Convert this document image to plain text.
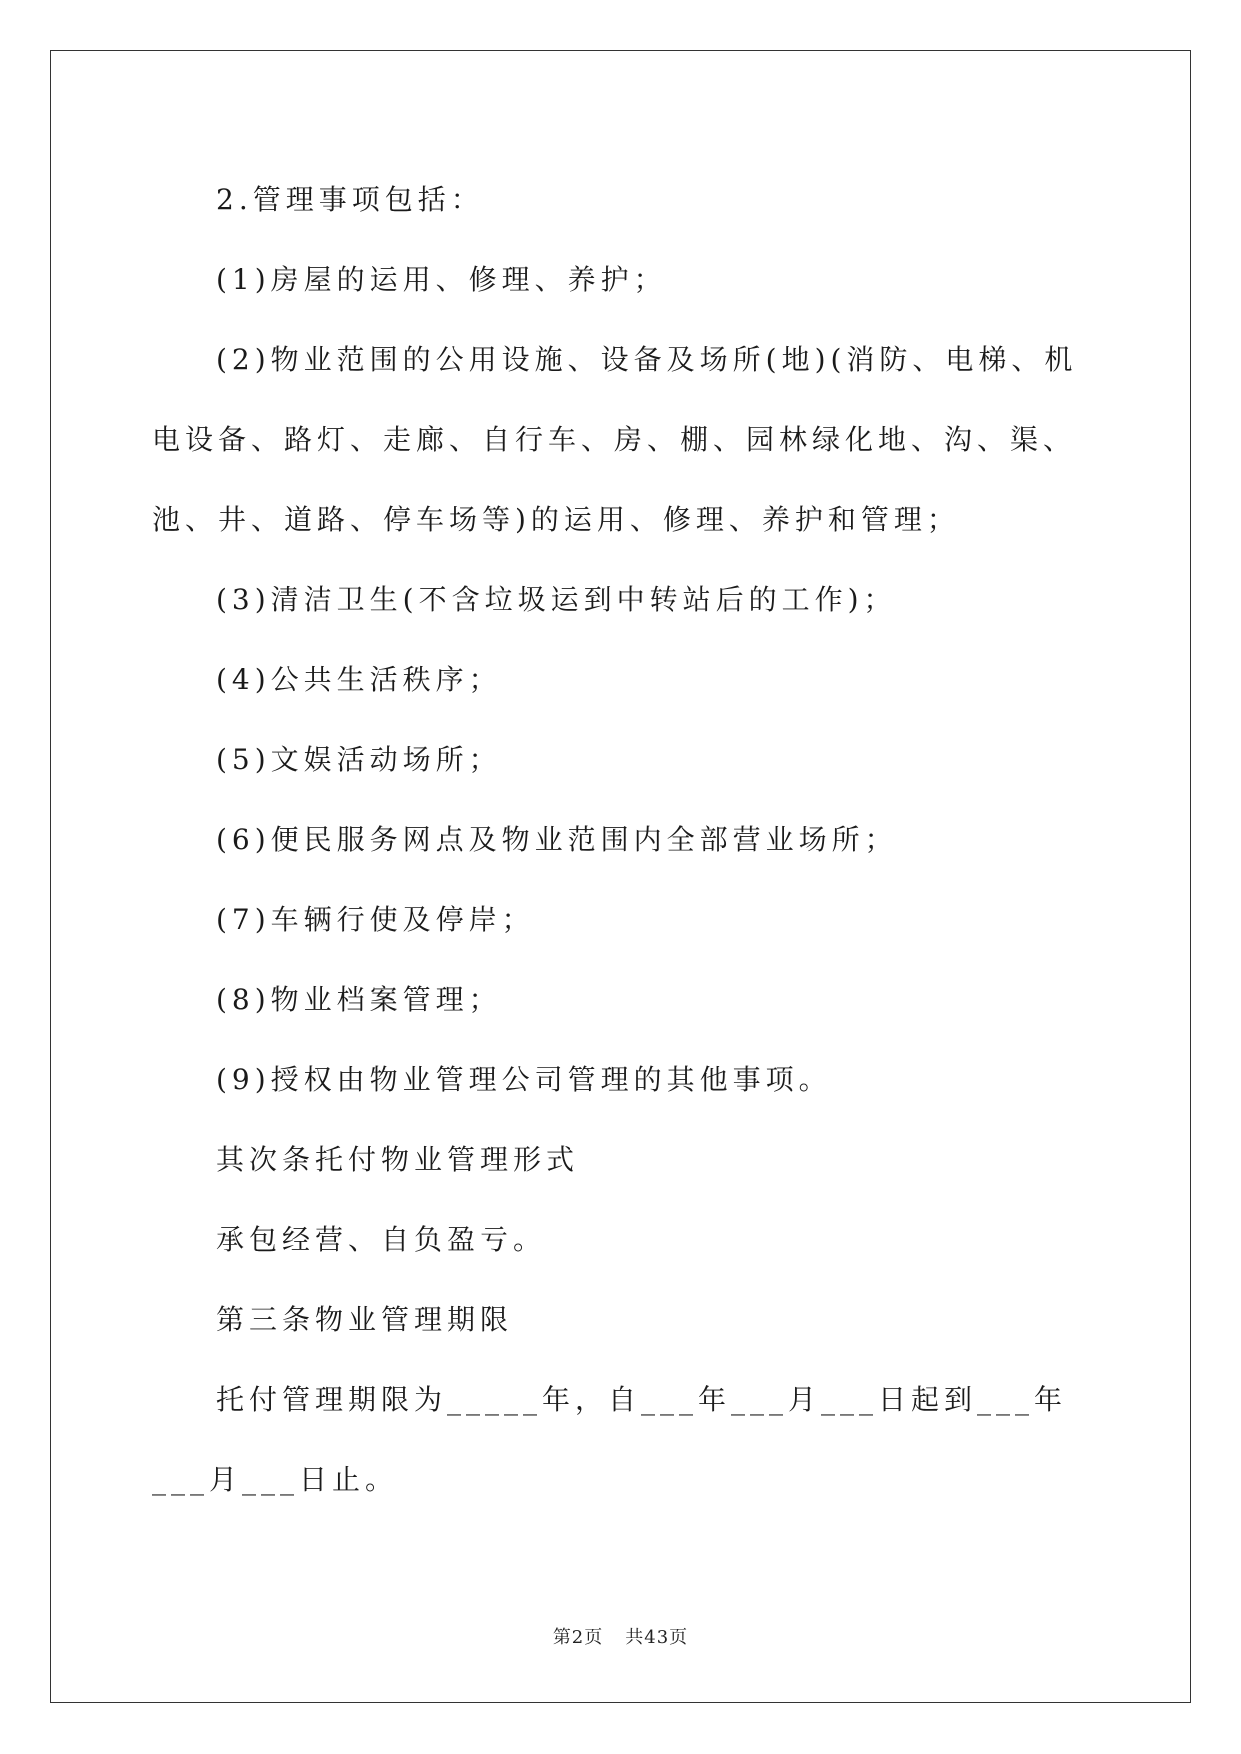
2.管理事项包括：

(1)房屋的运用、修理、养护；

(2)物业范围的公用设施、设备及场所(地)(消防、电梯、机电设备、路灯、走廊、自行车、房、棚、园林绿化地、沟、渠、池、井、道路、停车场等)的运用、修理、养护和管理；

(3)清洁卫生(不含垃圾运到中转站后的工作)；

(4)公共生活秩序；

(5)文娱活动场所；

(6)便民服务网点及物业范围内全部营业场所；

(7)车辆行使及停岸；

(8)物业档案管理；

(9)授权由物业管理公司管理的其他事项。

其次条托付物业管理形式

承包经营、自负盈亏。

第三条物业管理期限

托付管理期限为_____年，自___年___月___日起到___年___月___日止。

第2页 共43页
